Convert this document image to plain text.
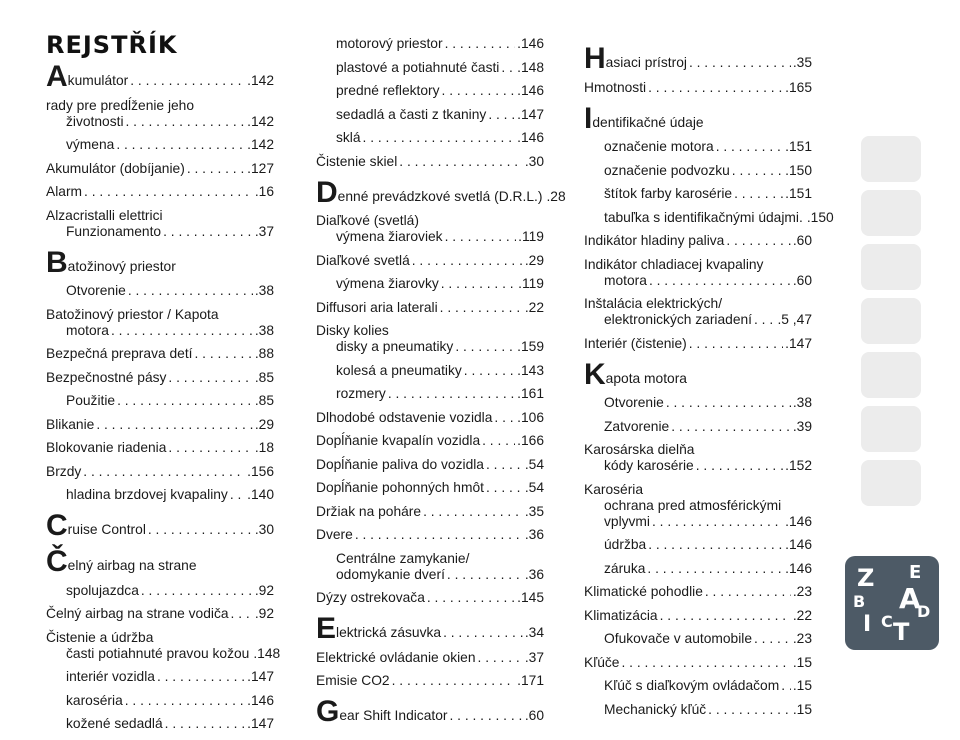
REJSTŘÍK
Akumulátor . . .	.142
rady pre predĺženie jeho
životnosti . . .	.142
výmena . . .	.142
Akumulátor (dobíjanie) . . .	.127
Alarm . . .	.16
Alzacristalli elettrici
Funzionamento . . .	.37
Batožinový priestor
Otvorenie . . .	.38
Batožinový priestor / Kapota
motora . . .	.38
Bezpečná preprava detí . . .	.88
Bezpečnostné pásy . . .	.85
Použitie . . .	.85
Blikanie . . .	.29
Blokovanie riadenia . . .	.18
Brzdy . . .	.156
hladina brzdovej kvapaliny . . . .140
Cruise Control . . .	.30
Čelný airbag na strane
spolujazdca . . .	.92
Čelný airbag na strane vodiča . . . .92
Čistenie a údržba
časti potiahnuté pravou kožou .148
interiér vozidla . . .	.147
karoséria . . .	.146
kožené sedadlá . . .	.147
motorový priestor . . .	.146
plastové a potiahnuté časti . . . .148
predné reflektory . . .	.146
sedadlá a časti z tkaniny . . . .147
sklá . . .	.146
Čistenie skiel . . .	.30
Denné prevádzkové svetlá (D.R.L.) .28
Diaľkové (svetlá)
výmena žiaroviek . . .	.119
Diaľkové svetlá . . .	.29
výmena žiarovky . . .	.119
Diffusori aria laterali . . .	.22
Disky kolies
disky a pneumatiky . . .	.159
kolesá a pneumatiky . . .	.143
rozmery . . .	.161
Dlhodobé odstavenie vozidla . . . .106
Dopĺňanie kvapalín vozidla . . .	.166
Dopĺňanie paliva do vozidla . . .	.54
Dopĺňanie pohonných hmôt . . .	.54
Držiak na poháre . . .	.35
Dvere . . .	.36
Centrálne zamykanie/
odomykanie dverí . . .	.36
Dýzy ostrekovača . . .	.145
Elektrická zásuvka . . .	.34
Elektrické ovládanie okien . . .	.37
Emisie CO2 . . .	.171
Gear Shift Indicator . . .	.60
Hasiaci prístroj . . .	.35
Hmotnosti . . .	.165
Identifikačné údaje
označenie motora . . .	.151
označenie podvozku . . .	.150
štítok farby karosérie . . .	.151
tabuľka s identifikačnými údajmi. .150
Indikátor hladiny paliva . . .	.60
Indikátor chladiacej kvapaliny
motora . . .	.60
Inštalácia elektrických/
elektronických zariadení . . . .5 ,47
Interiér (čistenie) . . .	.147
Kapota motora
Otvorenie . . .	.38
Zatvorenie . . .	.39
Karosárska dielňa
kódy karosérie . . .	.152
Karoséria
ochrana pred atmosférickými
vplyvmi . . .	.146
údržba . . .	.146
záruka . . .	.146
Klimatické pohodlie . . .	.23
Klimatizácia . . .	.22
Ofukovače v automobile . . .	.23
Kľúče . . .	.15
Kľúč s diaľkovým ovládačom . . . .15
Mechanický kľúč . . .	.15
Z E
B A
I C T
D
